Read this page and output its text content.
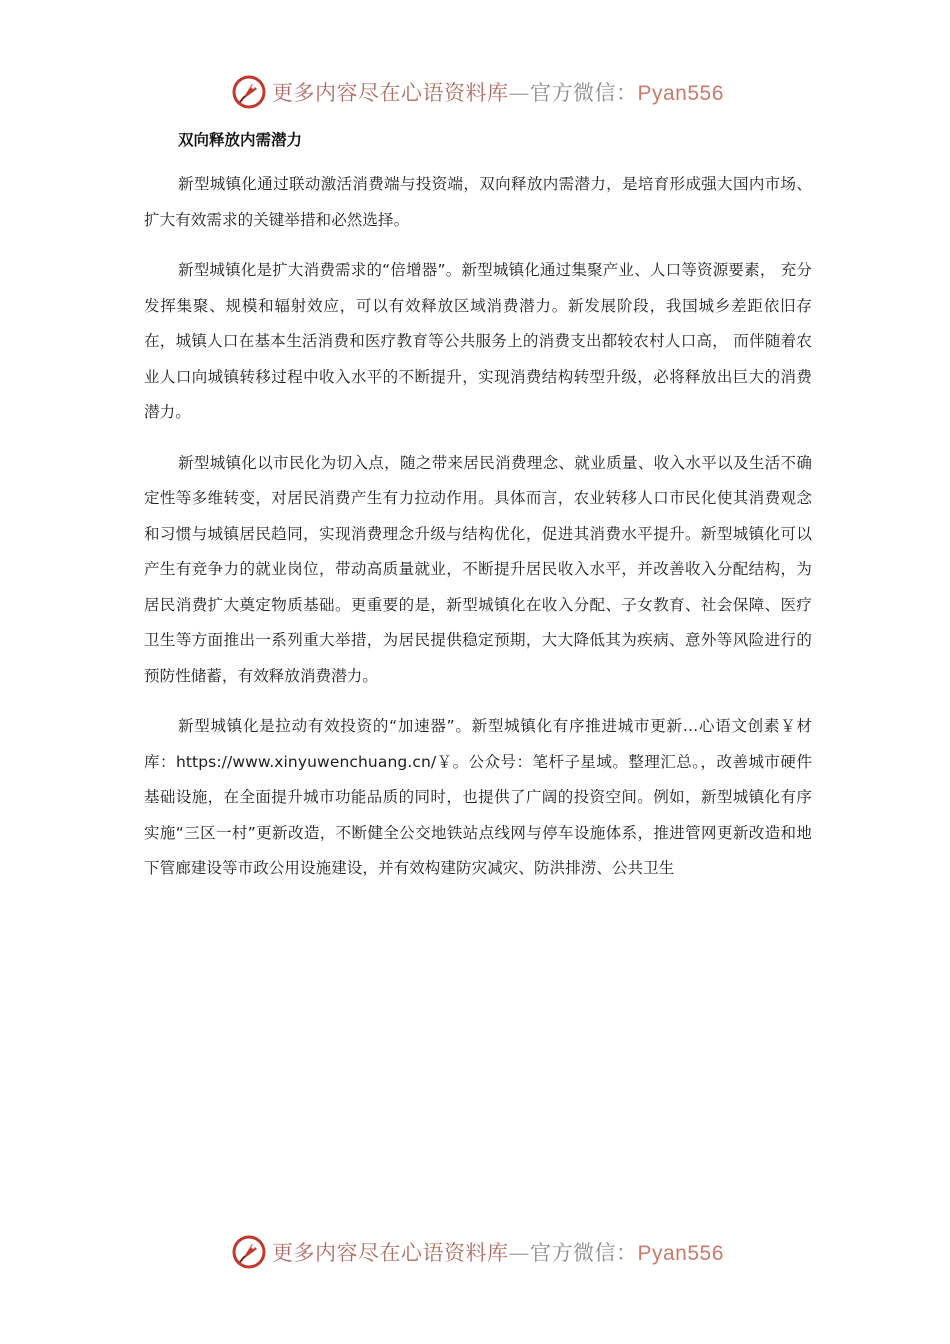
更多内容尽在心语资料库—官方微信：Pyan556
双向释放内需潜力

新型城镇化通过联动激活消费端与投资端，双向释放内需潜力，是培育形成强大国内市场、扩大有效需求的关键举措和必然选择。

新型城镇化是扩大消费需求的“倍增器”。新型城镇化通过集聚产业、人口等资源要素， 充分发挥集聚、规模和辐射效应，可以有效释放区域消费潜力。新发展阶段，我国城乡差距依旧存在，城镇人口在基本生活消费和医疗教育等公共服务上的消费支出都较农村人口高， 而伴随着农业人口向城镇转移过程中收入水平的不断提升，实现消费结构转型升级，必将释放出巨大的消费潜力。

新型城镇化以市民化为切入点，随之带来居民消费理念、就业质量、收入水平以及生活不确定性等多维转变，对居民消费产生有力拉动作用。具体而言，农业转移人口市民化使其消费观念和习惯与城镇居民趋同，实现消费理念升级与结构优化，促进其消费水平提升。新型城镇化可以产生有竞争力的就业岗位，带动高质量就业，不断提升居民收入水平，并改善收入分配结构，为居民消费扩大奠定物质基础。更重要的是，新型城镇化在收入分配、子女教育、社会保障、医疗卫生等方面推出一系列重大举措，为居民提供稳定预期，大大降低其为疾病、意外等风险进行的预防性储蓄，有效释放消费潜力。

新型城镇化是拉动有效投资的“加速器”。新型城镇化有序推进城市更新…心语文创素￥材库：https://www.xinyuwenchuang.cn/￥。公众号：笔杆子星域。整理汇总。，改善城市硬件基础设施，在全面提升城市功能品质的同时，也提供了广阔的投资空间。例如，新型城镇化有序实施“三区一村”更新改造，不断健全公交地铁站点线网与停车设施体系，推进管网更新改造和地下管廊建设等市政公用设施建设，并有效构建防灾减灾、防洪排涝、公共卫生

更多内容尽在心语资料库—官方微信：Pyan556
